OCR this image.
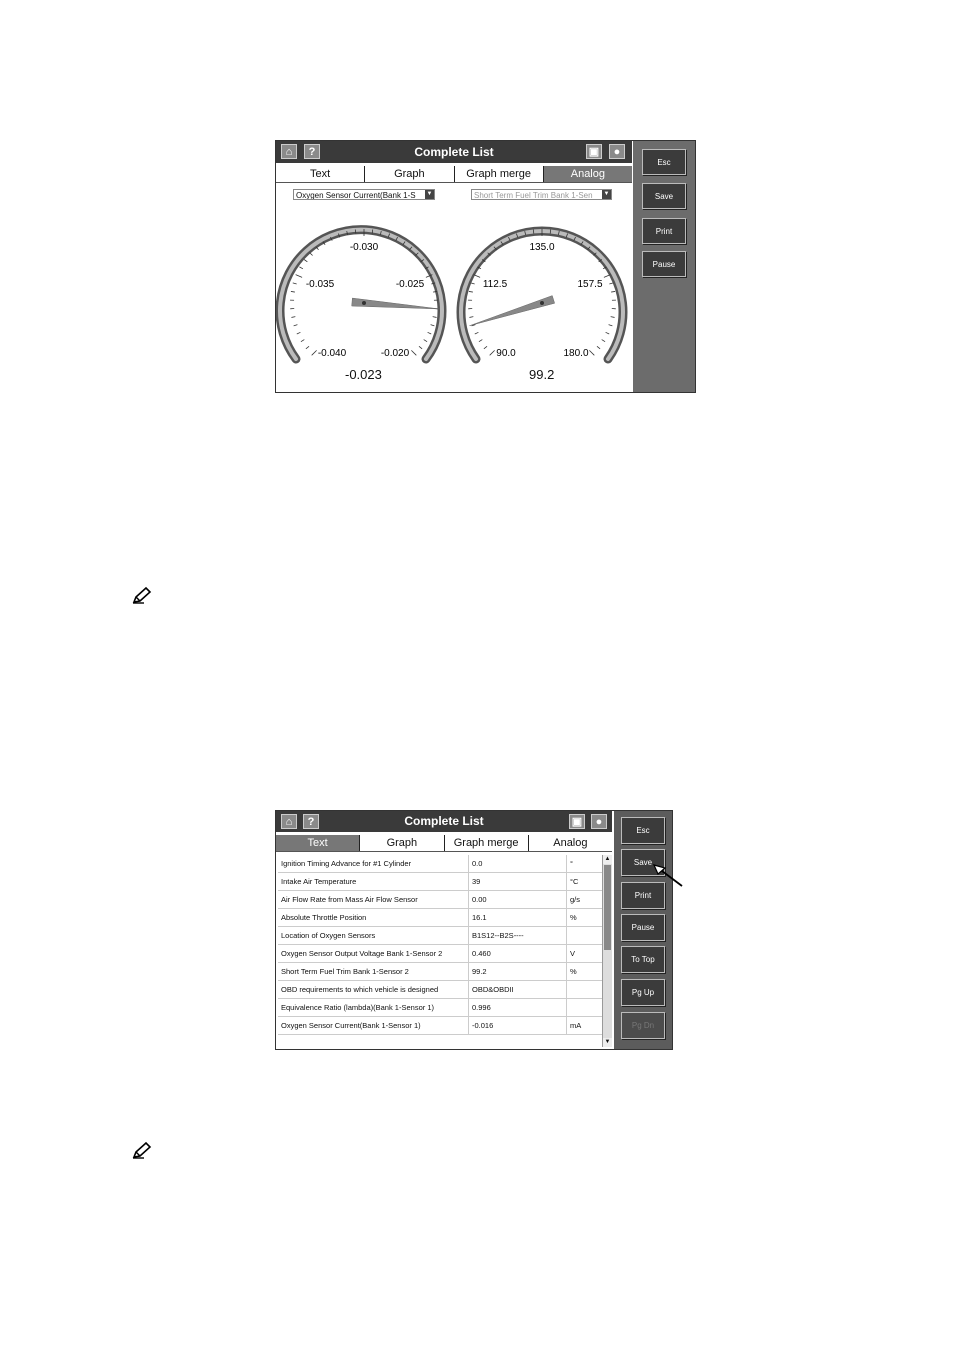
⌂	?	Complete List	▣	●
Text	Graph	Graph merge	Analog
Oxygen Sensor Current(Bank 1-S ▼	Short Term Fuel Trim Bank 1-Sen ▼
-0.030
-0.035	-0.025
-0.040	-0.020
135.0
112.5	157.5
90.0	180.0
-0.023	99.2
Esc
Save
Print
Pause
⌂	?	Complete List	▣	●
Text	Graph	Graph merge	Analog
Ignition Timing Advance for #1 Cylinder	0.0	°
Intake Air Temperature	39	°C
Air Flow Rate from Mass Air Flow Sensor	0.00	g/s
Absolute Throttle Position	16.1	%
Location of Oxygen Sensors	B1S12--B2S----	
Oxygen Sensor Output Voltage Bank 1-Sensor 2	0.460	V
Short Term Fuel Trim Bank 1-Sensor 2	99.2	%
OBD requirements to which vehicle is designed	OBD&OBDII	
Equivalence Ratio (lambda)(Bank 1-Sensor 1)	0.996	
Oxygen Sensor Current(Bank 1-Sensor 1)	-0.016	mA
▲
▼
Esc
Save
Print
Pause
To Top
Pg Up
Pg Dn
